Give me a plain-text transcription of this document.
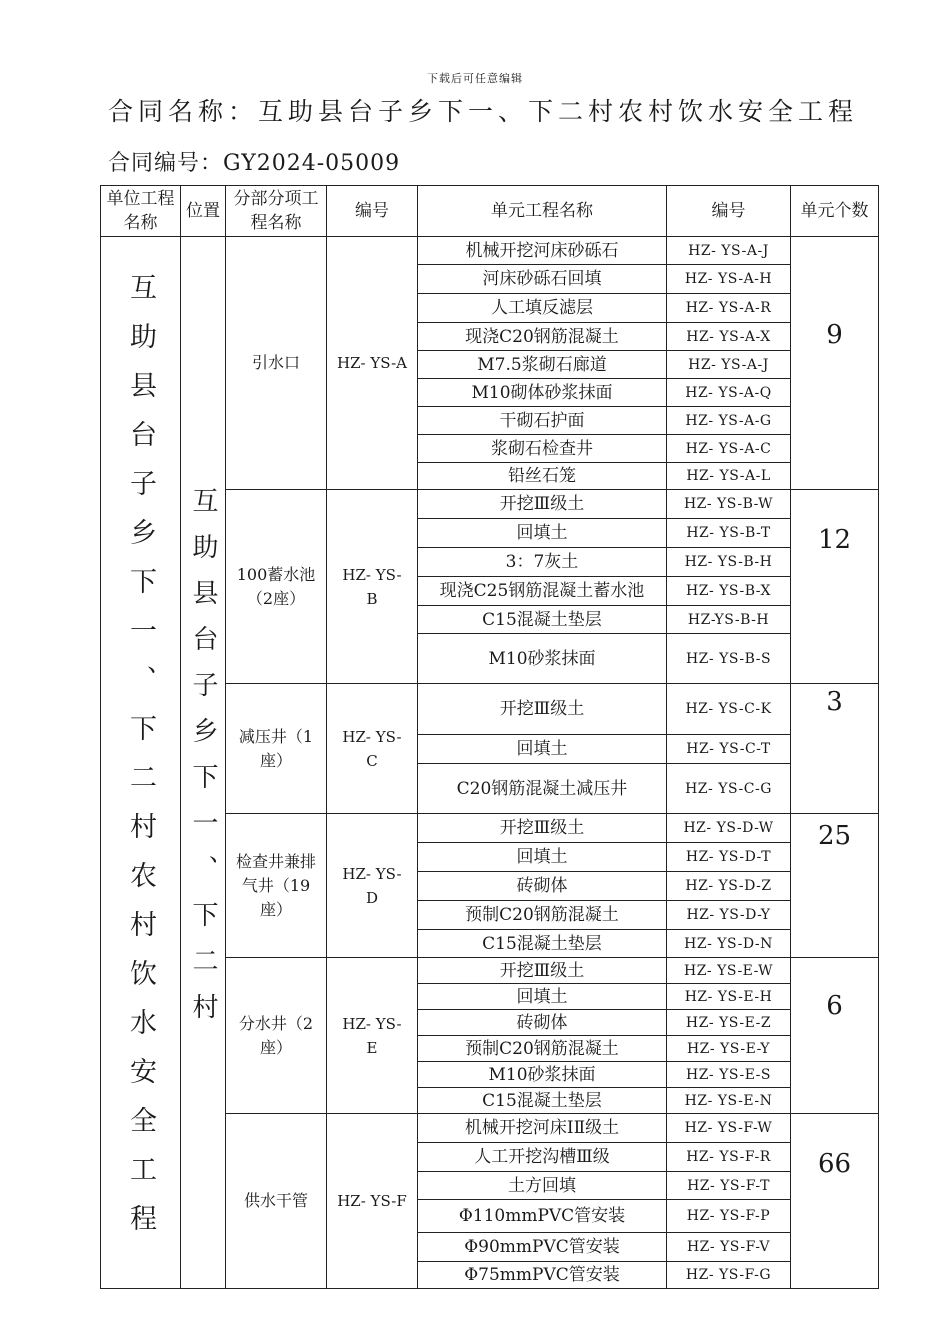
下载后可任意编辑
合同名称：互助县台子乡下一、下二村农村饮水安全工程
合同编号：GY2024-05009
单位工程名称	位置	分部分项工程名称	编号	单元工程名称	编号	单元个数

互助县台子乡下一、下二村农村饮水安全工程	互助县台子乡下一、下二村	引水口	HZ- YS-A	机械开挖河床砂砾石	HZ- YS-A-J	9
				河床砂砾石回填	HZ- YS-A-H	
				人工填反滤层	HZ- YS-A-R	
				现浇C20钢筋混凝土	HZ- YS-A-X	
				M7.5浆砌石廊道	HZ- YS-A-J	
				M10砌体砂浆抹面	HZ- YS-A-Q	
				干砌石护面	HZ- YS-A-G	
				浆砌石检查井	HZ- YS-A-C	
				铅丝石笼	HZ- YS-A-L	
		100蓄水池（2座）	HZ- YS-B	开挖Ⅲ级土	HZ- YS-B-W	12
				回填土	HZ- YS-B-T	
				3：7灰土	HZ- YS-B-H	
				现浇C25钢筋混凝土蓄水池	HZ- YS-B-X	
				C15混凝土垫层	HZ-YS-B-H	
				M10砂浆抹面	HZ- YS-B-S	
		减压井（1座）	HZ- YS-C	开挖Ⅲ级土	HZ- YS-C-K	3
				回填土	HZ- YS-C-T	
				C20钢筋混凝土减压井	HZ- YS-C-G	
		检查井兼排气井（19座）	HZ- YS-D	开挖Ⅲ级土	HZ- YS-D-W	25
				回填土	HZ- YS-D-T	
				砖砌体	HZ- YS-D-Z	
				预制C20钢筋混凝土	HZ- YS-D-Y	
				C15混凝土垫层	HZ- YS-D-N	
		分水井（2座）	HZ- YS-E	开挖Ⅲ级土	HZ- YS-E-W	6
				回填土	HZ- YS-E-H	
				砖砌体	HZ- YS-E-Z	
				预制C20钢筋混凝土	HZ- YS-E-Y	
				M10砂浆抹面	HZ- YS-E-S	
				C15混凝土垫层	HZ- YS-E-N	
		供水干管	HZ- YS-F	机械开挖河床ⅠⅡ级土	HZ- YS-F-W	66
				人工开挖沟槽Ⅲ级	HZ- YS-F-R	
				土方回填	HZ- YS-F-T	
				Φ110mmPVC管安装	HZ- YS-F-P	
				Φ90mmPVC管安装	HZ- YS-F-V	
				Φ75mmPVC管安装	HZ- YS-F-G	
